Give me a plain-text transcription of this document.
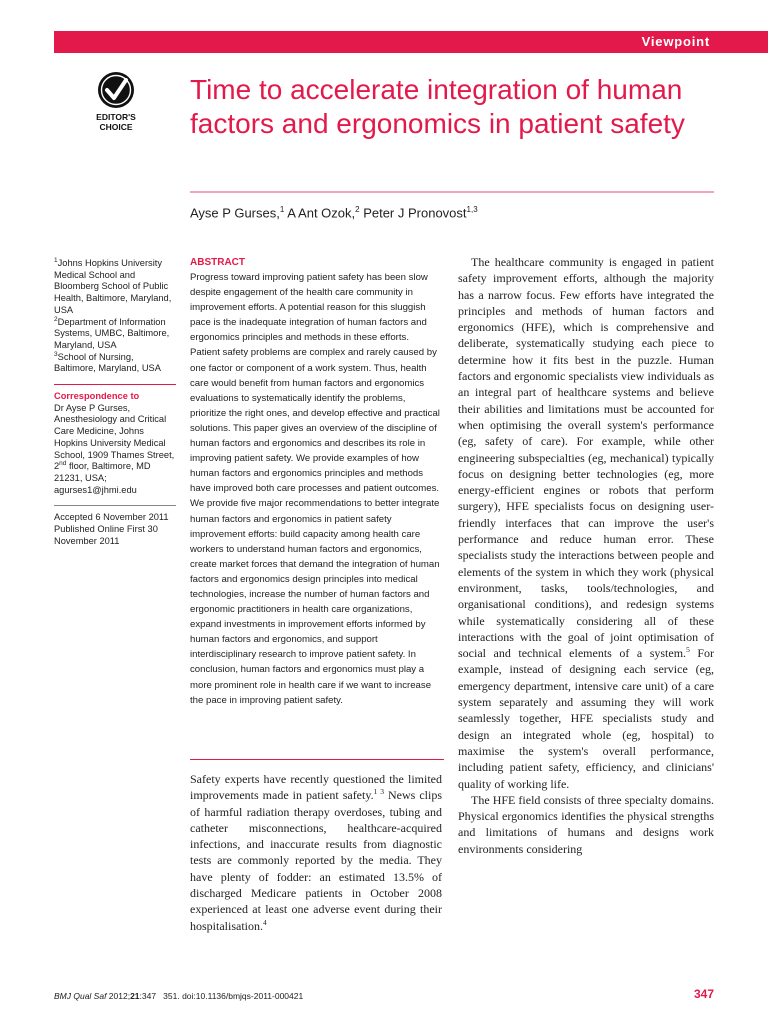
Viewpoint
EDITOR'S
CHOICE
Time to accelerate integration of human factors and ergonomics in patient safety
Ayse P Gurses,$^1$ A Ant Ozok,$^2$ Peter J Pronovost$^{1,3}$

$^1$Johns Hopkins University Medical School and Bloomberg School of Public Health, Baltimore, Maryland, USA

$^2$Department of Information Systems, UMBC, Baltimore, Maryland, USA

$^3$School of Nursing, Baltimore, Maryland, USA

Correspondence to

Dr Ayse P Gurses, Anesthesiology and Critical Care Medicine, Johns Hopkins University Medical School, 1909 Thames Street, 2nd floor, Baltimore, MD 21231, USA;

agurses1@jhmi.edu

Accepted 6 November 2011

Published Online First 30 November 2011

ABSTRACT
Progress toward improving patient safety has been slow despite engagement of the health care community in improvement efforts. A potential reason for this sluggish pace is the inadequate integration of human factors and ergonomics principles and methods in these efforts. Patient safety problems are complex and rarely caused by one factor or component of a work system. Thus, health care would benefit from human factors and ergonomics evaluations to systematically identify the problems, prioritize the right ones, and develop effective and practical solutions. This paper gives an overview of the discipline of human factors and ergonomics and describes its role in improving patient safety. We provide examples of how human factors and ergonomics principles and methods have improved both care processes and patient outcomes. We provide five major recommendations to better integrate human factors and ergonomics in patient safety improvement efforts: build capacity among health care workers to understand human factors and ergonomics, create market forces that demand the integration of human factors and ergonomics design principles into medical technologies, increase the number of human factors and ergonomic practitioners in health care organizations, expand investments in improvement efforts informed by human factors and ergonomics, and support interdisciplinary research to improve patient safety. In conclusion, human factors and ergonomics must play a more prominent role in health care if we want to increase the pace in improving patient safety.

Safety experts have recently questioned the limited improvements made in patient safety.$^{1 3}$ News clips of harmful radiation therapy overdoses, tubing and catheter misconnections, healthcare-acquired infections, and inaccurate results from diagnostic tests are commonly reported by the media. They have plenty of fodder: an estimated 13.5% of discharged Medicare patients in October 2008 experienced at least one adverse event during their hospitalisation.$^4$

The healthcare community is engaged in patient safety improvement efforts, although the majority has a narrow focus. Few efforts have integrated the principles and methods of human factors and ergonomics (HFE), which is comprehensive and deliberate, systematically studying each piece to determine how it fits best in the puzzle. Human factors and ergonomic specialists view individuals as an integral part of healthcare systems and believe their abilities and limitations must be accounted for when optimising the overall system's performance (eg, safety of care). For example, while other engineering subspecialties (eg, mechanical) typically focus on designing better technologies (eg, more energy-efficient engines or robots that perform surgery), HFE specialists focus on designing user-friendly interfaces that can improve the user's performance and reduce human error. These specialists study the interactions between people and elements of the system in which they work (physical environment, tasks, tools/technologies, and organisational conditions), and redesign systems while systematically considering all of these interactions with the goal of joint optimisation of social and technical elements of a system.$^5$ For example, instead of designing each service (eg, emergency department, intensive care unit) of a care system separately and assuming they will work seamlessly together, HFE specialists study and design an integrated whole (eg, hospital) to maximise the system's overall performance, including patient safety, efficiency, and clinicians' quality of working life.

The HFE field consists of three specialty domains. Physical ergonomics identifies the physical strengths and limitations of humans and designs work environments considering

BMJ Qual Saf 2012;21:347   351. doi:10.1136/bmjqs-2011-000421	347
